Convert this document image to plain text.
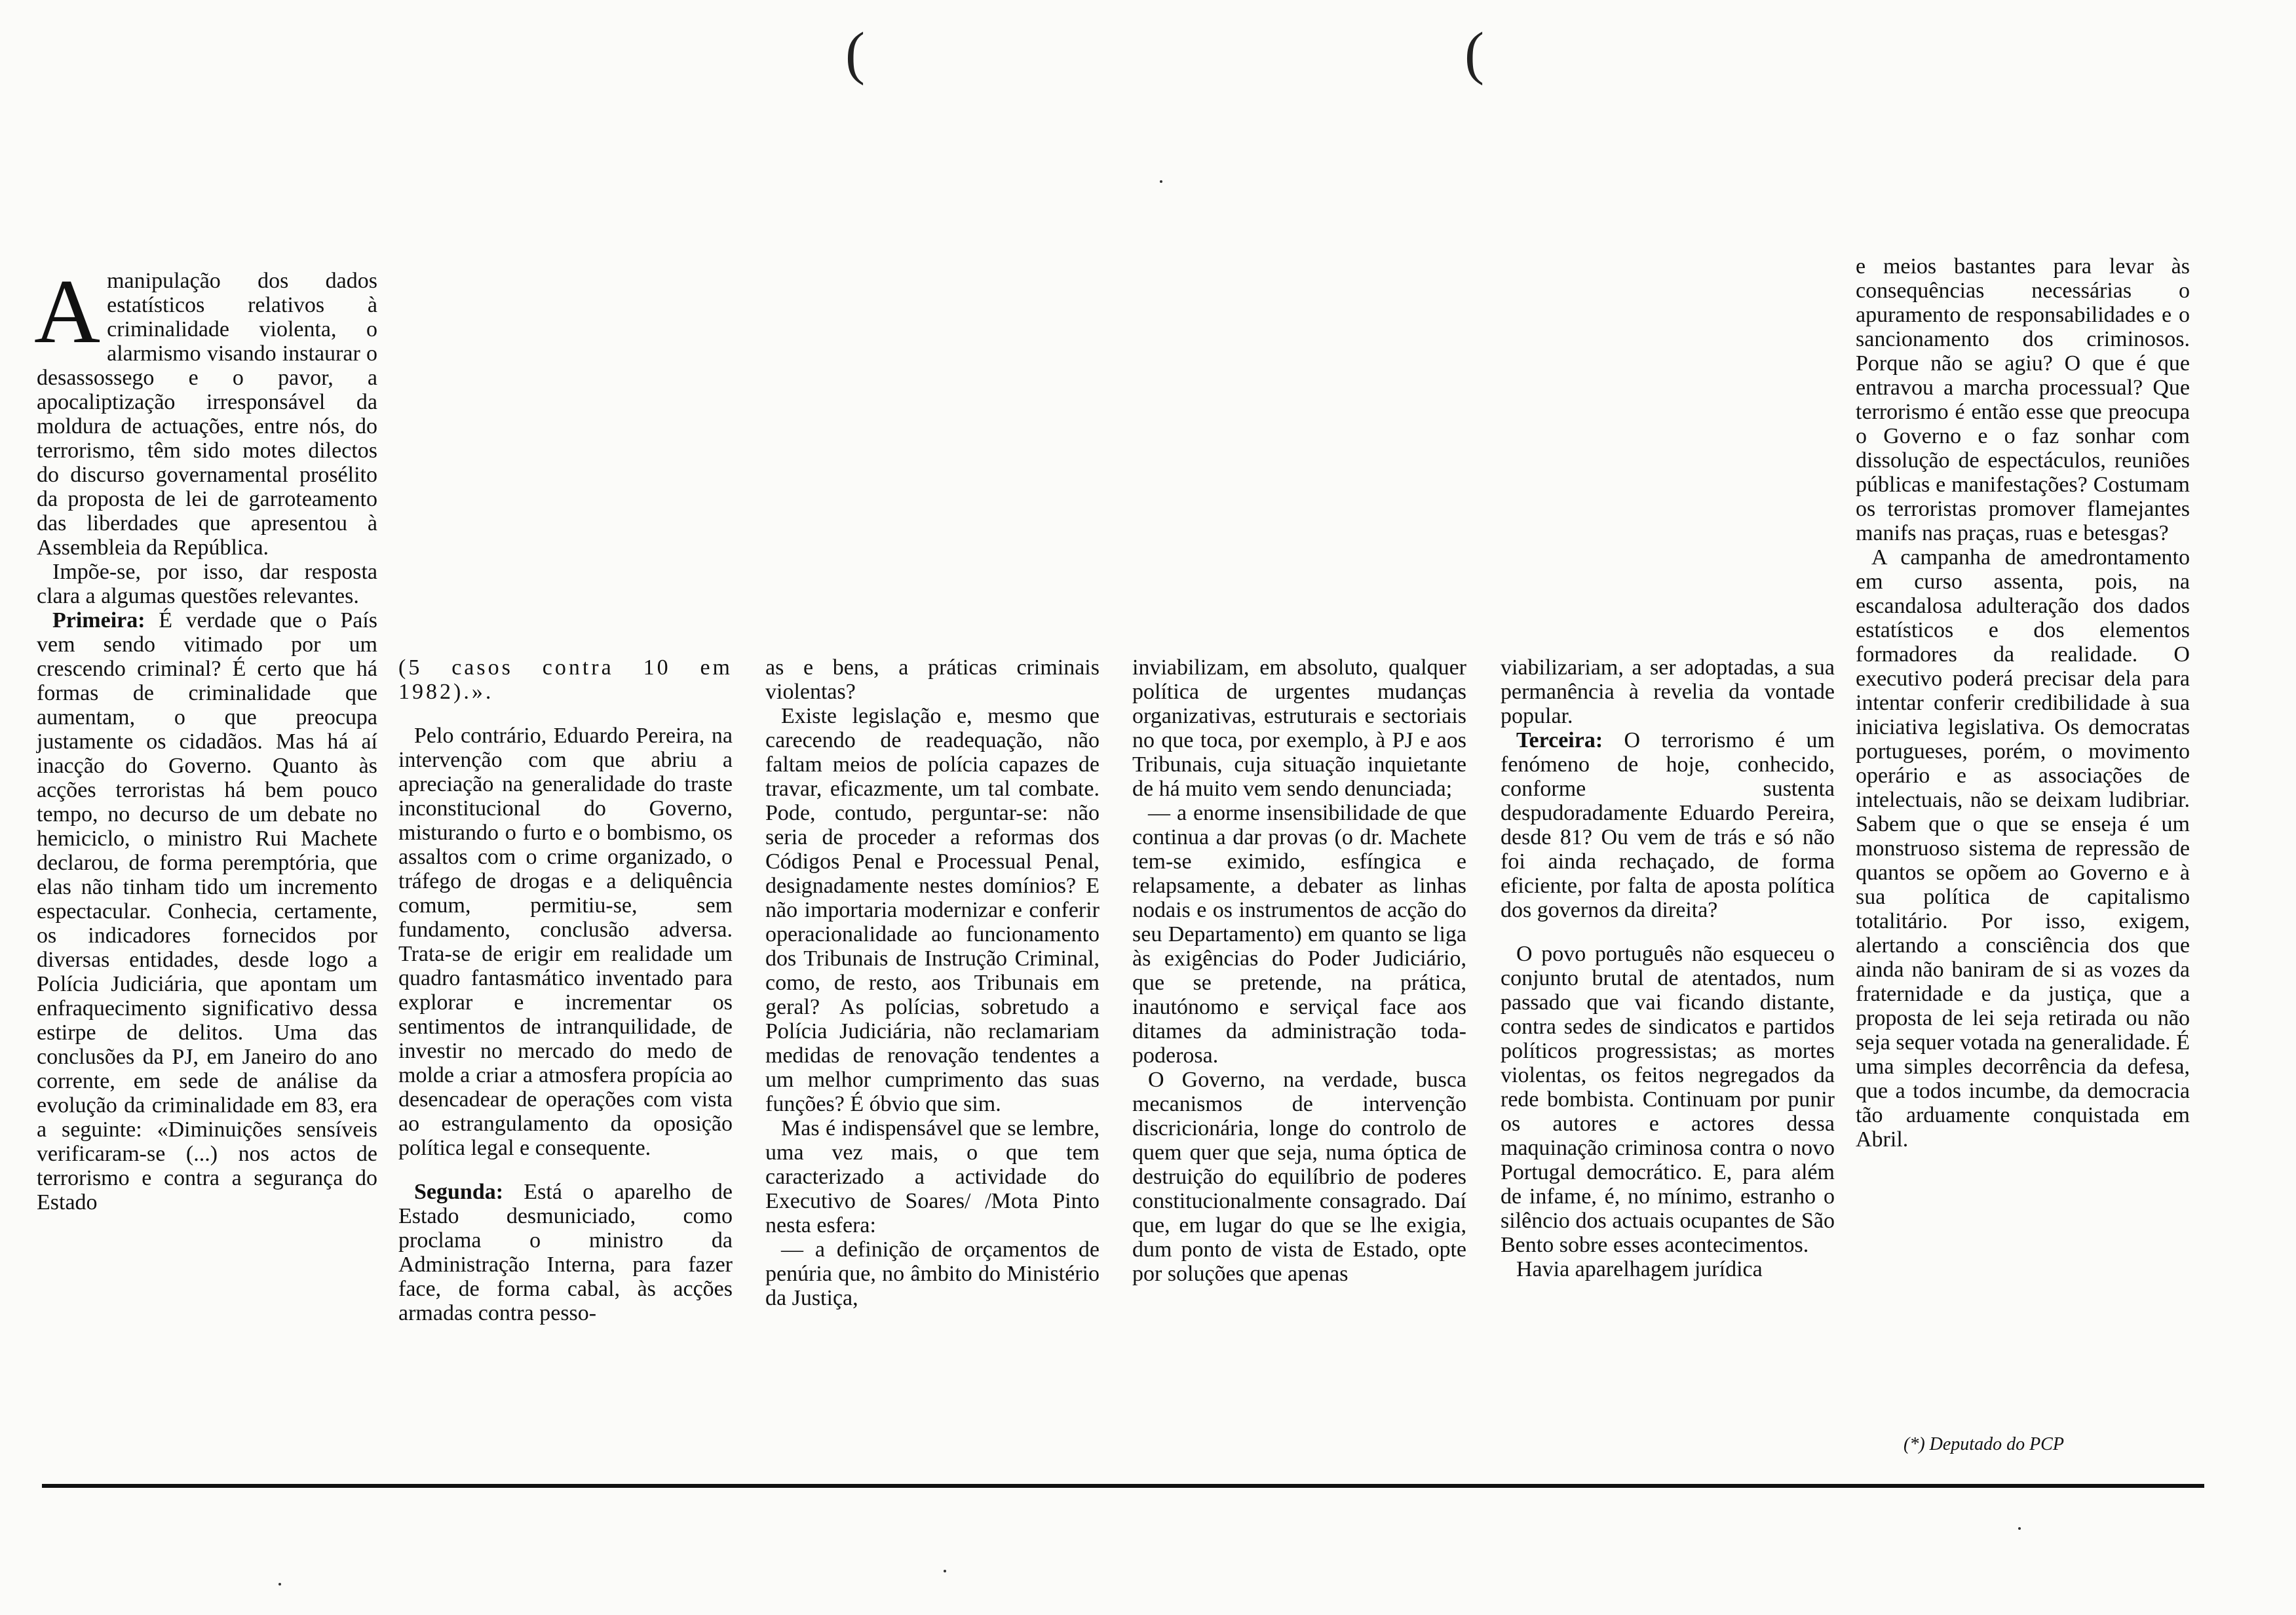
(	(

Amanipulação dos dados estatísticos relativos à criminalidade violenta, o alarmismo visando instaurar o desassossego e o pavor, a apocaliptização irresponsável da moldura de actuações, entre nós, do terrorismo, têm sido motes dilectos do discurso governamental prosélito da proposta de lei de garroteamento das liberdades que apresentou à Assembleia da República.

Impõe-se, por isso, dar resposta clara a algumas questões relevantes.

Primeira: É verdade que o País vem sendo vitimado por um crescendo criminal? É certo que há formas de criminalidade que aumentam, o que preocupa justamente os cidadãos. Mas há aí inacção do Governo. Quanto às acções terroristas há bem pouco tempo, no decurso de um debate no hemiciclo, o ministro Rui Machete declarou, de forma peremptória, que elas não tinham tido um incremento espectacular. Conhecia, certamente, os indicadores fornecidos por diversas entidades, desde logo a Polícia Judiciária, que apontam um enfraquecimento significativo dessa estirpe de delitos. Uma das conclusões da PJ, em Janeiro do ano corrente, em sede de análise da evolução da criminalidade em 83, era a seguinte: «Diminuições sensíveis verificaram-se (...) nos actos de terrorismo e contra a segurança do Estado

(5 casos contra 10 em 1982).».

Pelo contrário, Eduardo Pereira, na intervenção com que abriu a apreciação na generalidade do traste inconstitucional do Governo, misturando o furto e o bombismo, os assaltos com o crime organizado, o tráfego de drogas e a deliquência comum, permitiu-se, sem fundamento, conclusão adversa. Trata-se de erigir em realidade um quadro fantasmático inventado para explorar e incrementar os sentimentos de intranquilidade, de investir no mercado do medo de molde a criar a atmosfera propícia ao desencadear de operações com vista ao estrangulamento da oposição política legal e consequente.

Segunda: Está o aparelho de Estado desmuniciado, como proclama o ministro da Administração Interna, para fazer face, de forma cabal, às acções armadas contra pesso-

as e bens, a práticas criminais violentas?

Existe legislação e, mesmo que carecendo de readequação, não faltam meios de polícia capazes de travar, eficazmente, um tal combate. Pode, contudo, perguntar-se: não seria de proceder a reformas dos Códigos Penal e Processual Penal, designadamente nestes domínios? E não importaria modernizar e conferir operacionalidade ao funcionamento dos Tribunais de Instrução Criminal, como, de resto, aos Tribunais em geral? As polícias, sobretudo a Polícia Judiciária, não reclamariam medidas de renovação tendentes a um melhor cumprimento das suas funções? É óbvio que sim.

Mas é indispensável que se lembre, uma vez mais, o que tem caracterizado a actividade do Executivo de Soares/ /Mota Pinto nesta esfera:

— a definição de orçamentos de penúria que, no âmbito do Ministério da Justiça,

inviabilizam, em absoluto, qualquer política de urgentes mudanças organizativas, estruturais e sectoriais no que toca, por exemplo, à PJ e aos Tribunais, cuja situação inquietante de há muito vem sendo denunciada;

— a enorme insensibilidade de que continua a dar provas (o dr. Machete tem-se eximido, esfíngica e relapsamente, a debater as linhas nodais e os instrumentos de acção do seu Departamento) em quanto se liga às exigências do Poder Judiciário, que se pretende, na prática, inautónomo e serviçal face aos ditames da administração toda-poderosa.

O Governo, na verdade, busca mecanismos de intervenção discricionária, longe do controlo de quem quer que seja, numa óptica de destruição do equilíbrio de poderes constitucionalmente consagrado. Daí que, em lugar do que se lhe exigia, dum ponto de vista de Estado, opte por soluções que apenas

viabilizariam, a ser adoptadas, a sua permanência à revelia da vontade popular.

Terceira: O terrorismo é um fenómeno de hoje, conhecido, conforme sustenta despudoradamente Eduardo Pereira, desde 81? Ou vem de trás e só não foi ainda rechaçado, de forma eficiente, por falta de aposta política dos governos da direita?

O povo português não esqueceu o conjunto brutal de atentados, num passado que vai ficando distante, contra sedes de sindicatos e partidos políticos progressistas; as mortes violentas, os feitos negregados da rede bombista. Continuam por punir os autores e actores dessa maquinação criminosa contra o novo Portugal democrático. E, para além de infame, é, no mínimo, estranho o silêncio dos actuais ocupantes de São Bento sobre esses acontecimentos.

Havia aparelhagem jurídica

e meios bastantes para levar às consequências necessárias o apuramento de responsabilidades e o sancionamento dos criminosos. Porque não se agiu? O que é que entravou a marcha processual? Que terrorismo é então esse que preocupa o Governo e o faz sonhar com dissolução de espectáculos, reuniões públicas e manifestações? Costumam os terroristas promover flamejantes manifs nas praças, ruas e betesgas?

A campanha de amedrontamento em curso assenta, pois, na escandalosa adulteração dos dados estatísticos e dos elementos formadores da realidade. O executivo poderá precisar dela para intentar conferir credibilidade à sua iniciativa legislativa. Os democratas portugueses, porém, o movimento operário e as associações de intelectuais, não se deixam ludibriar. Sabem que o que se enseja é um monstruoso sistema de repressão de quantos se opõem ao Governo e à sua política de capitalismo totalitário. Por isso, exigem, alertando a consciência dos que ainda não baniram de si as vozes da fraternidade e da justiça, que a proposta de lei seja retirada ou não seja sequer votada na generalidade. É uma simples decorrência da defesa, que a todos incumbe, da democracia tão arduamente conquistada em Abril.

(*) Deputado do PCP
